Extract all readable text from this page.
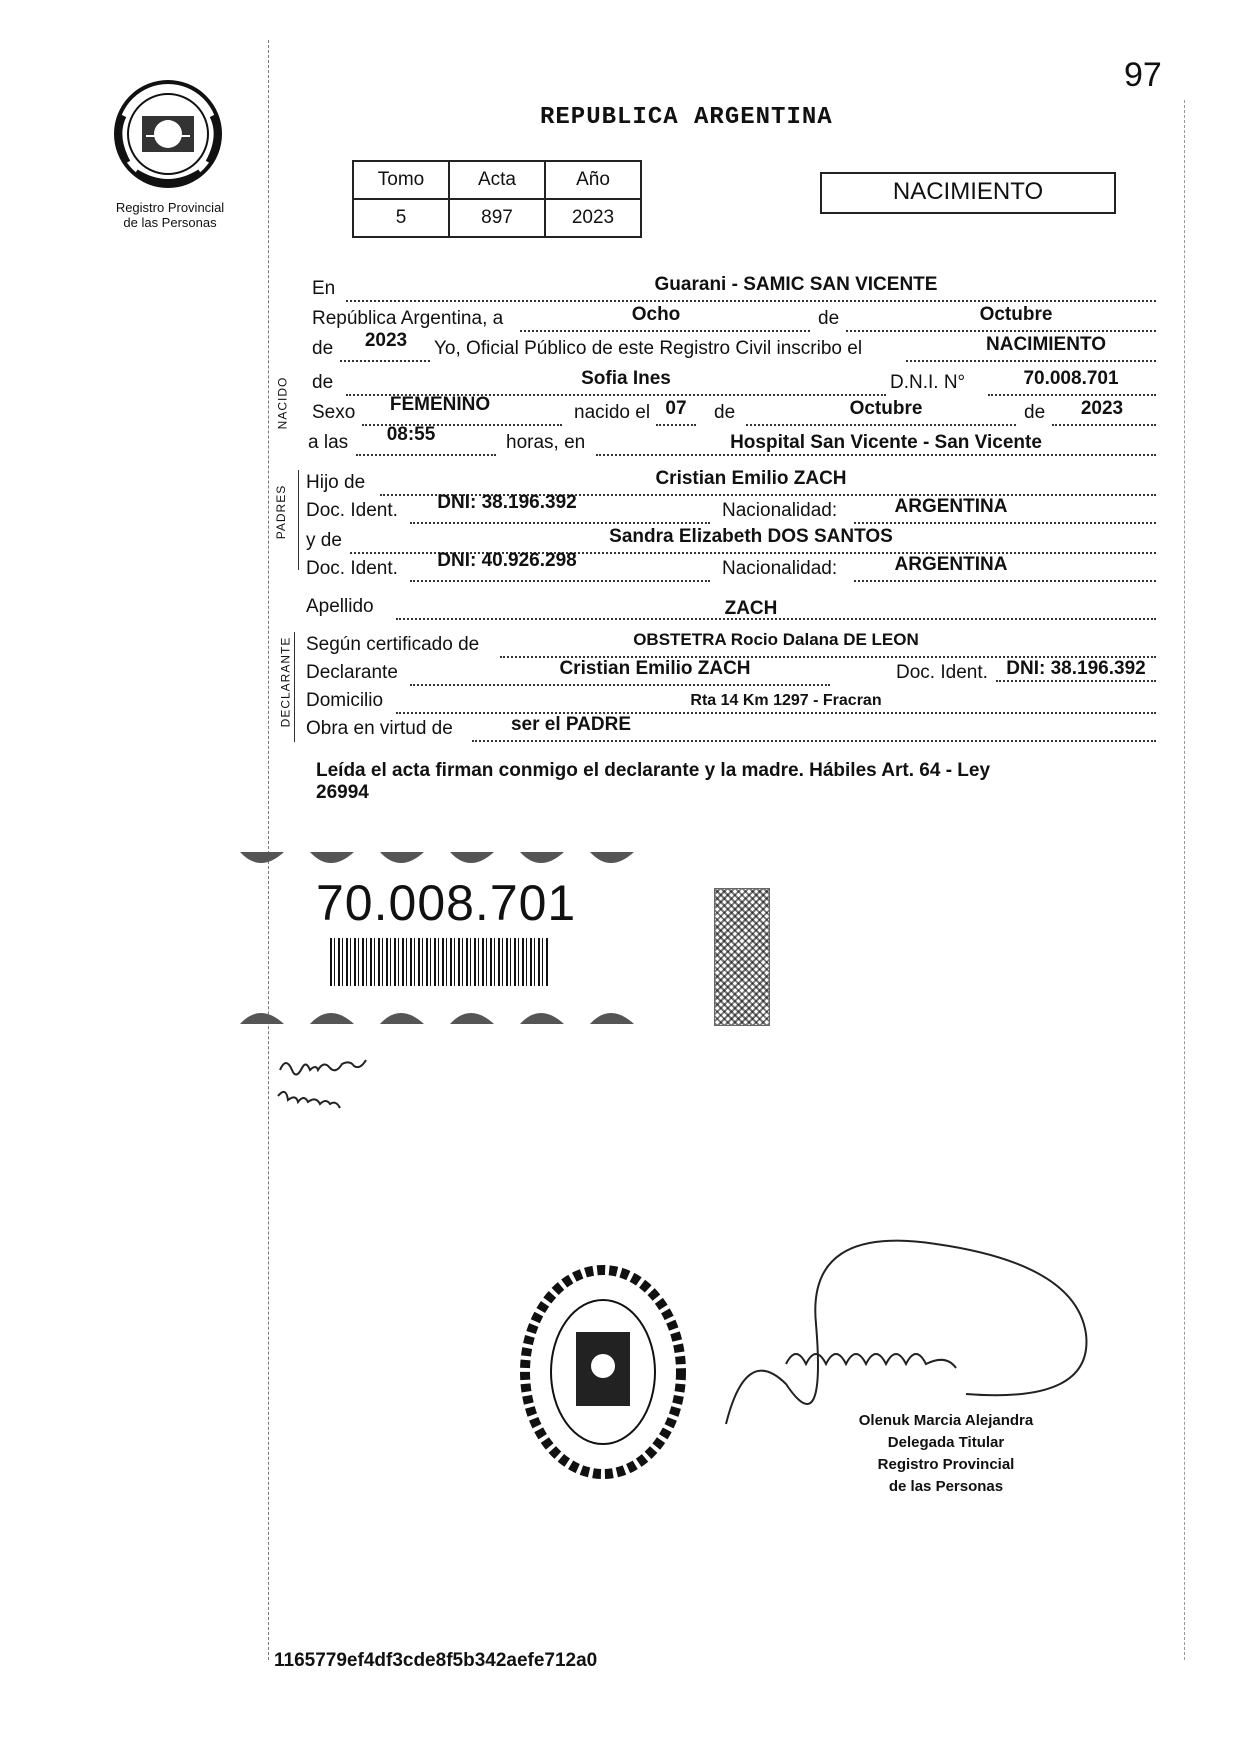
97
Registro Provincial
de las Personas
REPUBLICA ARGENTINA
Tomo	Acta	Año
5	897	2023
NACIMIENTO
NACIDO
PADRES
DECLARANTE
En	Guarani - SAMIC SAN VICENTE
República Argentina, a	Ocho	de	Octubre
de	2023	Yo, Oficial Público de este Registro Civil inscribo el	NACIMIENTO
de	Sofia Ines	D.N.I. N°	70.008.701
Sexo	FEMENINO	nacido el 07	de	Octubre	de	2023
a las	08:55	horas, en	Hospital San Vicente - San Vicente
Hijo de	Cristian Emilio ZACH
Doc. Ident.	DNI: 38.196.392	Nacionalidad:	ARGENTINA
y de	Sandra Elizabeth DOS SANTOS
Doc. Ident.	DNI: 40.926.298	Nacionalidad:	ARGENTINA
Apellido	ZACH
Según certificado de	OBSTETRA Rocio Dalana DE LEON
Declarante	Cristian Emilio ZACH	Doc. Ident. DNI: 38.196.392
Domicilio	Rta 14 Km 1297 - Fracran
Obra en virtud de	ser el PADRE
Leída el acta firman conmigo el declarante y la madre. Hábiles Art. 64 - Ley
26994
70.008.701
Olenuk Marcia Alejandra
Delegada Titular
Registro Provincial
de las Personas
1165779ef4df3cde8f5b342aefe712a0
